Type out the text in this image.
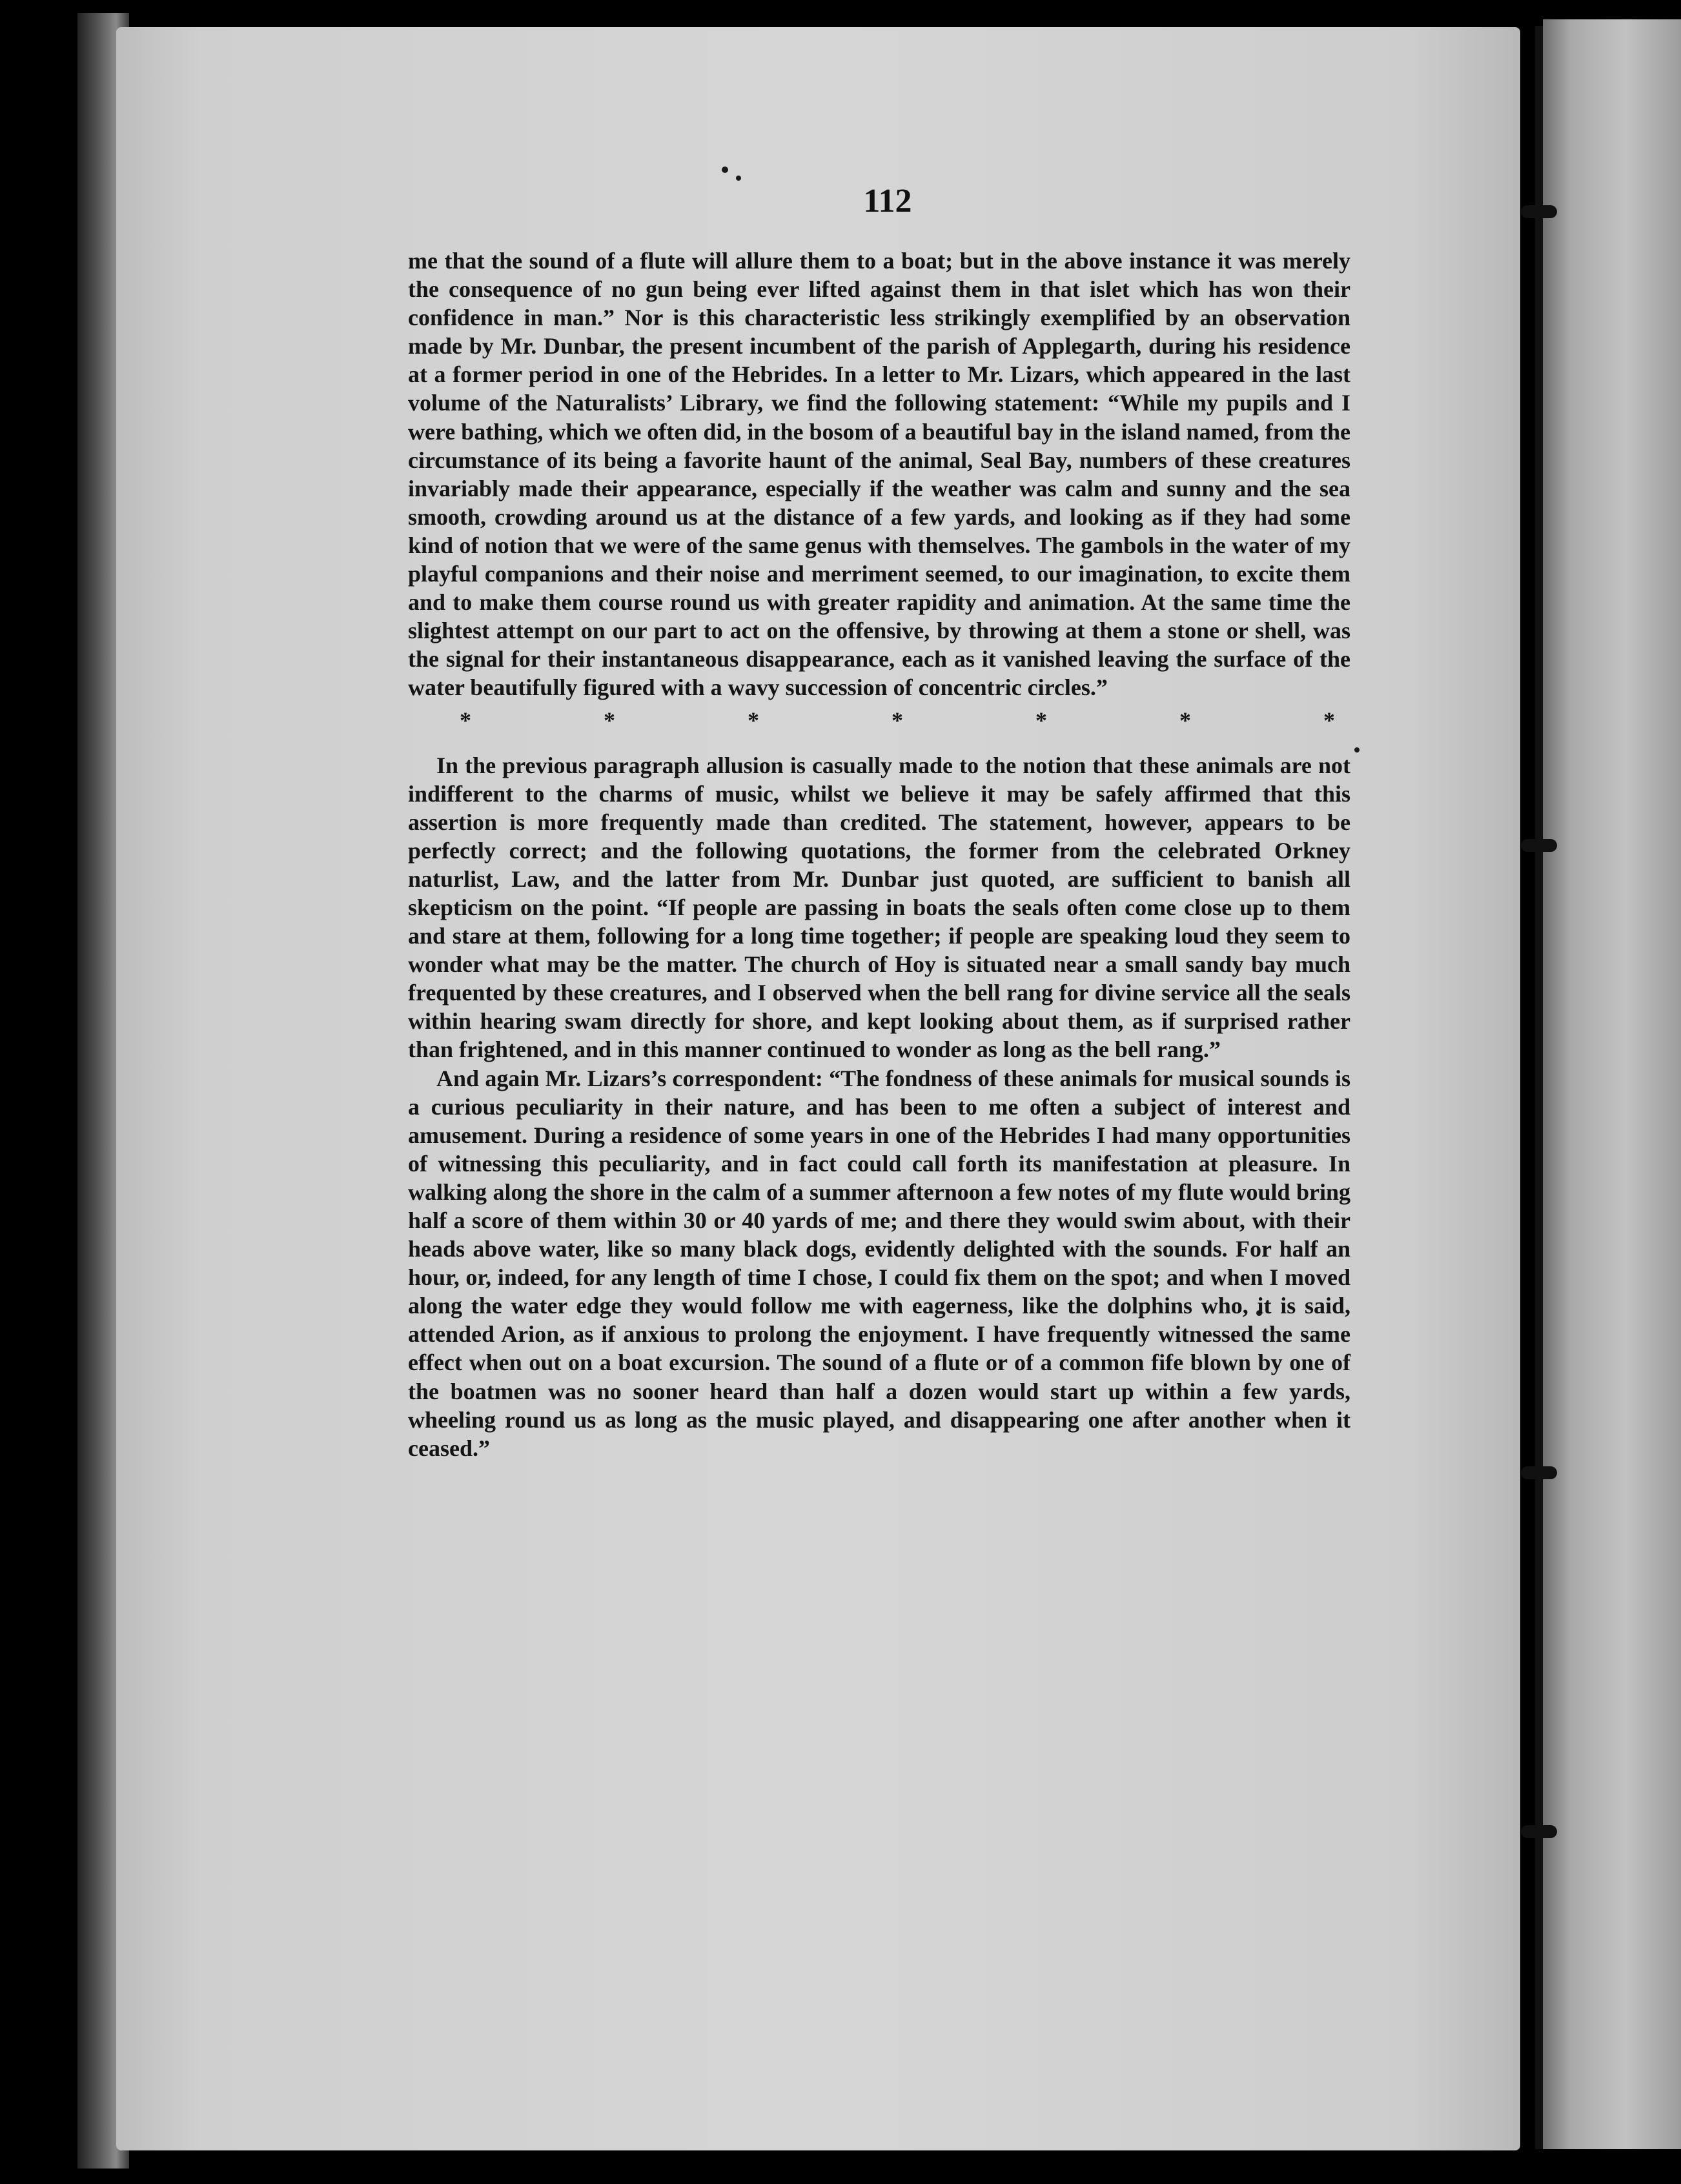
112

me that the sound of a flute will allure them to a boat; but in the above instance it was merely the consequence of no gun being ever lifted against them in that islet which has won their confidence in man.” Nor is this characteristic less strikingly exemplified by an observation made by Mr. Dunbar, the present incumbent of the parish of Applegarth, during his residence at a former period in one of the Hebrides. In a letter to Mr. Lizars, which appeared in the last volume of the Naturalists’ Library, we find the following statement: “While my pupils and I were bathing, which we often did, in the bosom of a beautiful bay in the island named, from the circumstance of its being a favorite haunt of the animal, Seal Bay, numbers of these creatures invariably made their appearance, especially if the weather was calm and sunny and the sea smooth, crowding around us at the distance of a few yards, and looking as if they had some kind of notion that we were of the same genus with themselves. The gambols in the water of my playful companions and their noise and merriment seemed, to our imagination, to excite them and to make them course round us with greater rapidity and animation. At the same time the slightest attempt on our part to act on the offensive, by throwing at them a stone or shell, was the signal for their instantaneous disappearance, each as it vanished leaving the surface of the water beautifully figured with a wavy succession of concentric circles.”

*	*	*	*	*	*	*

In the previous paragraph allusion is casually made to the notion that these animals are not indifferent to the charms of music, whilst we believe it may be safely affirmed that this assertion is more frequently made than credited. The statement, however, appears to be perfectly correct; and the following quotations, the former from the celebrated Orkney naturlist, Law, and the latter from Mr. Dunbar just quoted, are sufficient to banish all skepticism on the point. “If people are passing in boats the seals often come close up to them and stare at them, following for a long time together; if people are speaking loud they seem to wonder what may be the matter. The church of Hoy is situated near a small sandy bay much frequented by these creatures, and I observed when the bell rang for divine service all the seals within hearing swam directly for shore, and kept looking about them, as if surprised rather than frightened, and in this manner continued to wonder as long as the bell rang.”

And again Mr. Lizars’s correspondent: “The fondness of these animals for musical sounds is a curious peculiarity in their nature, and has been to me often a subject of interest and amusement. During a residence of some years in one of the Hebrides I had many opportunities of witnessing this peculiarity, and in fact could call forth its manifestation at pleasure. In walking along the shore in the calm of a summer afternoon a few notes of my flute would bring half a score of them within 30 or 40 yards of me; and there they would swim about, with their heads above water, like so many black dogs, evidently delighted with the sounds. For half an hour, or, indeed, for any length of time I chose, I could fix them on the spot; and when I moved along the water edge they would follow me with eagerness, like the dolphins who, it is said, attended Arion, as if anxious to prolong the enjoyment. I have frequently witnessed the same effect when out on a boat excursion. The sound of a flute or of a common fife blown by one of the boatmen was no sooner heard than half a dozen would start up within a few yards, wheeling round us as long as the music played, and disappearing one after another when it ceased.”
